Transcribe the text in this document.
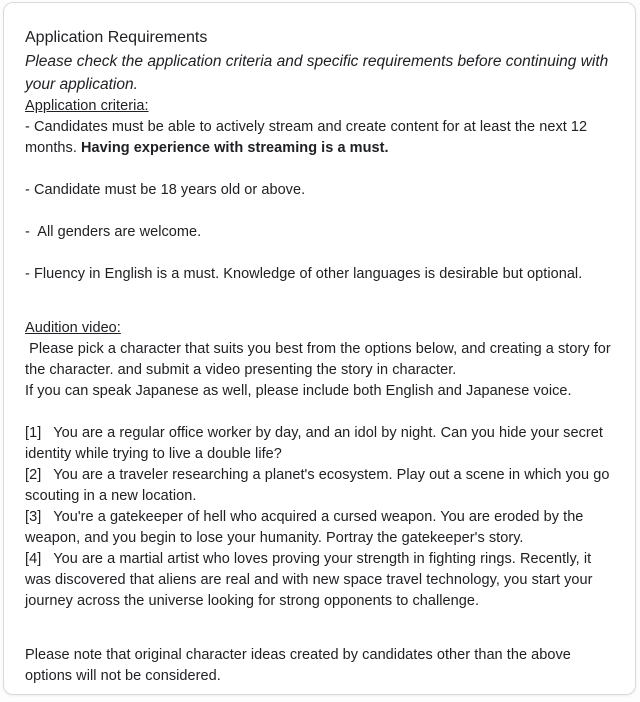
Application Requirements

Please check the application criteria and specific requirements before continuing with your application.

Application criteria:

- Candidates must be able to actively stream and create content for at least the next 12 months. Having experience with streaming is a must.

- Candidate must be 18 years old or above.

-  All genders are welcome.

- Fluency in English is a must. Knowledge of other languages is desirable but optional.

Audition video:

Please pick a character that suits you best from the options below, and creating a story for the character. and submit a video presenting the story in character.

If you can speak Japanese as well, please include both English and Japanese voice.

[1]   You are a regular office worker by day, and an idol by night. Can you hide your secret identity while trying to live a double life?

[2]   You are a traveler researching a planet's ecosystem. Play out a scene in which you go scouting in a new location.

[3]   You're a gatekeeper of hell who acquired a cursed weapon. You are eroded by the weapon, and you begin to lose your humanity. Portray the gatekeeper's story.

[4]   You are a martial artist who loves proving your strength in fighting rings. Recently, it was discovered that aliens are real and with new space travel technology, you start your journey across the universe looking for strong opponents to challenge.

Please note that original character ideas created by candidates other than the above options will not be considered.
